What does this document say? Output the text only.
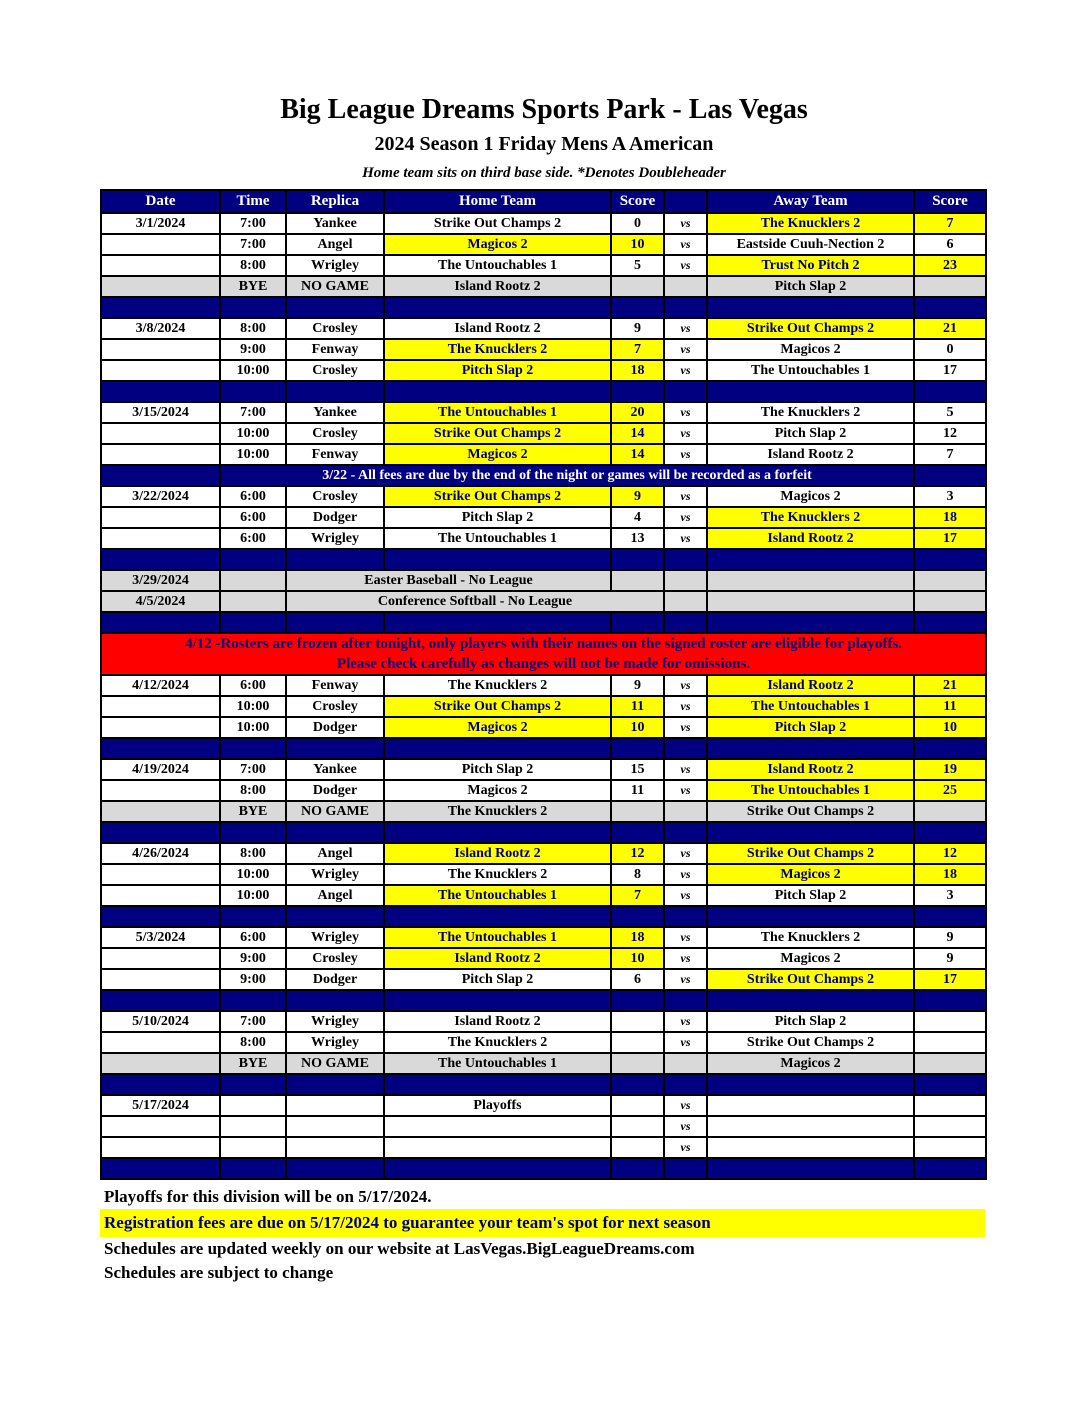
Big League Dreams Sports Park - Las Vegas
2024 Season 1 Friday Mens A American
Home team sits on third base side. *Denotes Doubleheader
Date	Time	Replica	Home Team	Score		Away Team	Score
3/1/2024	7:00	Yankee	Strike Out Champs 2	0	vs	The Knucklers 2	7
	7:00	Angel	Magicos 2	10	vs	Eastside Cuuh-Nection 2	6
	8:00	Wrigley	The Untouchables 1	5	vs	Trust No Pitch 2	23
	BYE	NO GAME	Island Rootz 2			Pitch Slap 2	

3/8/2024	8:00	Crosley	Island Rootz 2	9	vs	Strike Out Champs 2	21
	9:00	Fenway	The Knucklers 2	7	vs	Magicos 2	0
	10:00	Crosley	Pitch Slap 2	18	vs	The Untouchables 1	17

3/15/2024	7:00	Yankee	The Untouchables 1	20	vs	The Knucklers 2	5
	10:00	Crosley	Strike Out Champs 2	14	vs	Pitch Slap 2	12
	10:00	Fenway	Magicos 2	14	vs	Island Rootz 2	7
	3/22 - All fees are due by the end of the night or games will be recorded as a forfeit						
3/22/2024	6:00	Crosley	Strike Out Champs 2	9	vs	Magicos 2	3
	6:00	Dodger	Pitch Slap 2	4	vs	The Knucklers 2	18
	6:00	Wrigley	The Untouchables 1	13	vs	Island Rootz 2	17

3/29/2024		Easter Baseball - No League					
4/5/2024		Conference Softball - No League					

4/12 -Rosters are frozen after tonight, only players with their names on the signed roster are eligible for playoffs.
Please check carefully as changes will not be made for omissions.							

4/12/2024	6:00	Fenway	The Knucklers 2	9	vs	Island Rootz 2	21
	10:00	Crosley	Strike Out Champs 2	11	vs	The Untouchables 1	11
	10:00	Dodger	Magicos 2	10	vs	Pitch Slap 2	10

4/19/2024	7:00	Yankee	Pitch Slap 2	15	vs	Island Rootz 2	19
	8:00	Dodger	Magicos 2	11	vs	The Untouchables 1	25
	BYE	NO GAME	The Knucklers 2			Strike Out Champs 2	

4/26/2024	8:00	Angel	Island Rootz 2	12	vs	Strike Out Champs 2	12
	10:00	Wrigley	The Knucklers 2	8	vs	Magicos 2	18
	10:00	Angel	The Untouchables 1	7	vs	Pitch Slap 2	3

5/3/2024	6:00	Wrigley	The Untouchables 1	18	vs	The Knucklers 2	9
	9:00	Crosley	Island Rootz 2	10	vs	Magicos 2	9
	9:00	Dodger	Pitch Slap 2	6	vs	Strike Out Champs 2	17

5/10/2024	7:00	Wrigley	Island Rootz 2		vs	Pitch Slap 2	
	8:00	Wrigley	The Knucklers 2		vs	Strike Out Champs 2	
	BYE	NO GAME	The Untouchables 1			Magicos 2	

5/17/2024			Playoffs		vs		
					vs		
					vs		

Playoffs for this division will be on 5/17/2024.
Registration fees are due on 5/17/2024 to guarantee your team's spot for next season
Schedules are updated weekly on our website at LasVegas.BigLeagueDreams.com
Schedules are subject to change
